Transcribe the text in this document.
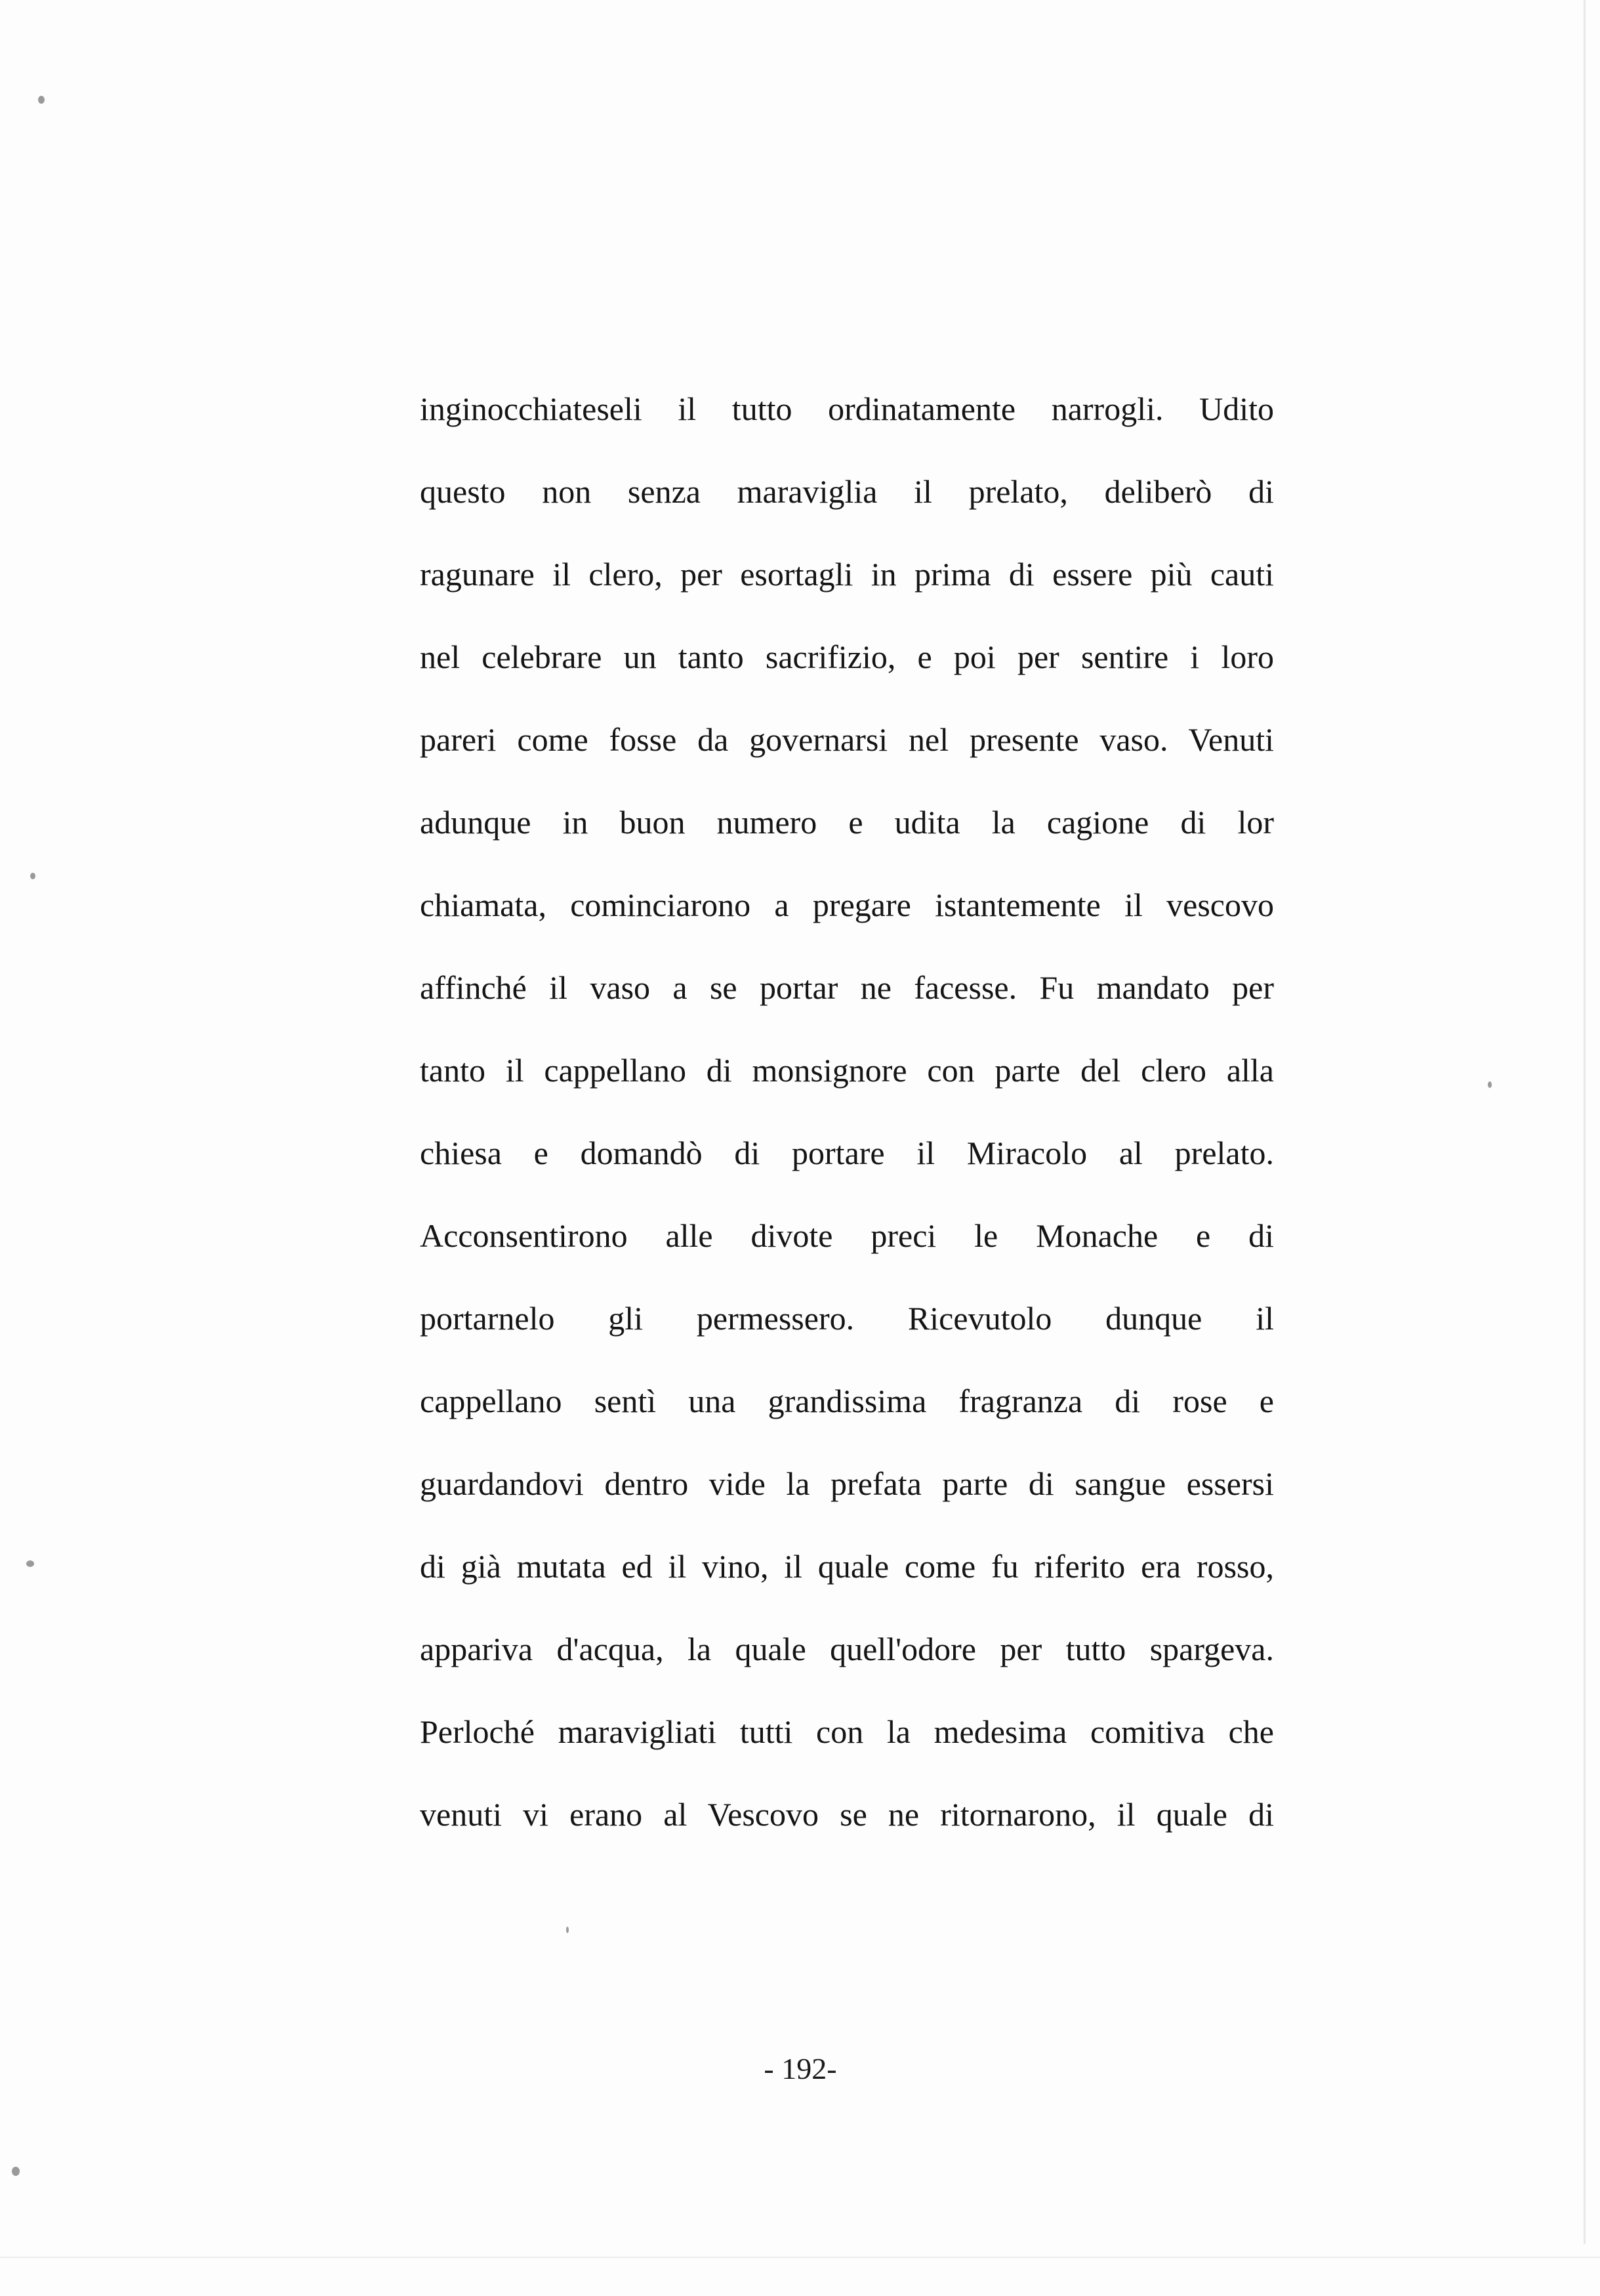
inginocchiateseli il tutto ordinatamente narrogli. Udito
questo non senza maraviglia il prelato, deliberò di
ragunare il clero, per esortagli in prima di essere più cauti
nel celebrare un tanto sacrifizio, e poi per sentire i loro
pareri come fosse da governarsi nel presente vaso. Venuti
adunque in buon numero e udita la cagione di lor
chiamata, cominciarono a pregare istantemente il vescovo
affinché il vaso a se portar ne facesse. Fu mandato per
tanto il cappellano di monsignore con parte del clero alla
chiesa e domandò di portare il Miracolo al prelato.
Acconsentirono alle divote preci le Monache e di
portarnelo gli permessero. Ricevutolo dunque il
cappellano sentì una grandissima fragranza di rose e
guardandovi dentro vide la prefata parte di sangue essersi
di già mutata ed il vino, il quale come fu riferito era rosso,
appariva d'acqua, la quale quell'odore per tutto spargeva.
Perloché maravigliati tutti con la medesima comitiva che
venuti vi erano al Vescovo se ne ritornarono, il quale di
- 192-
